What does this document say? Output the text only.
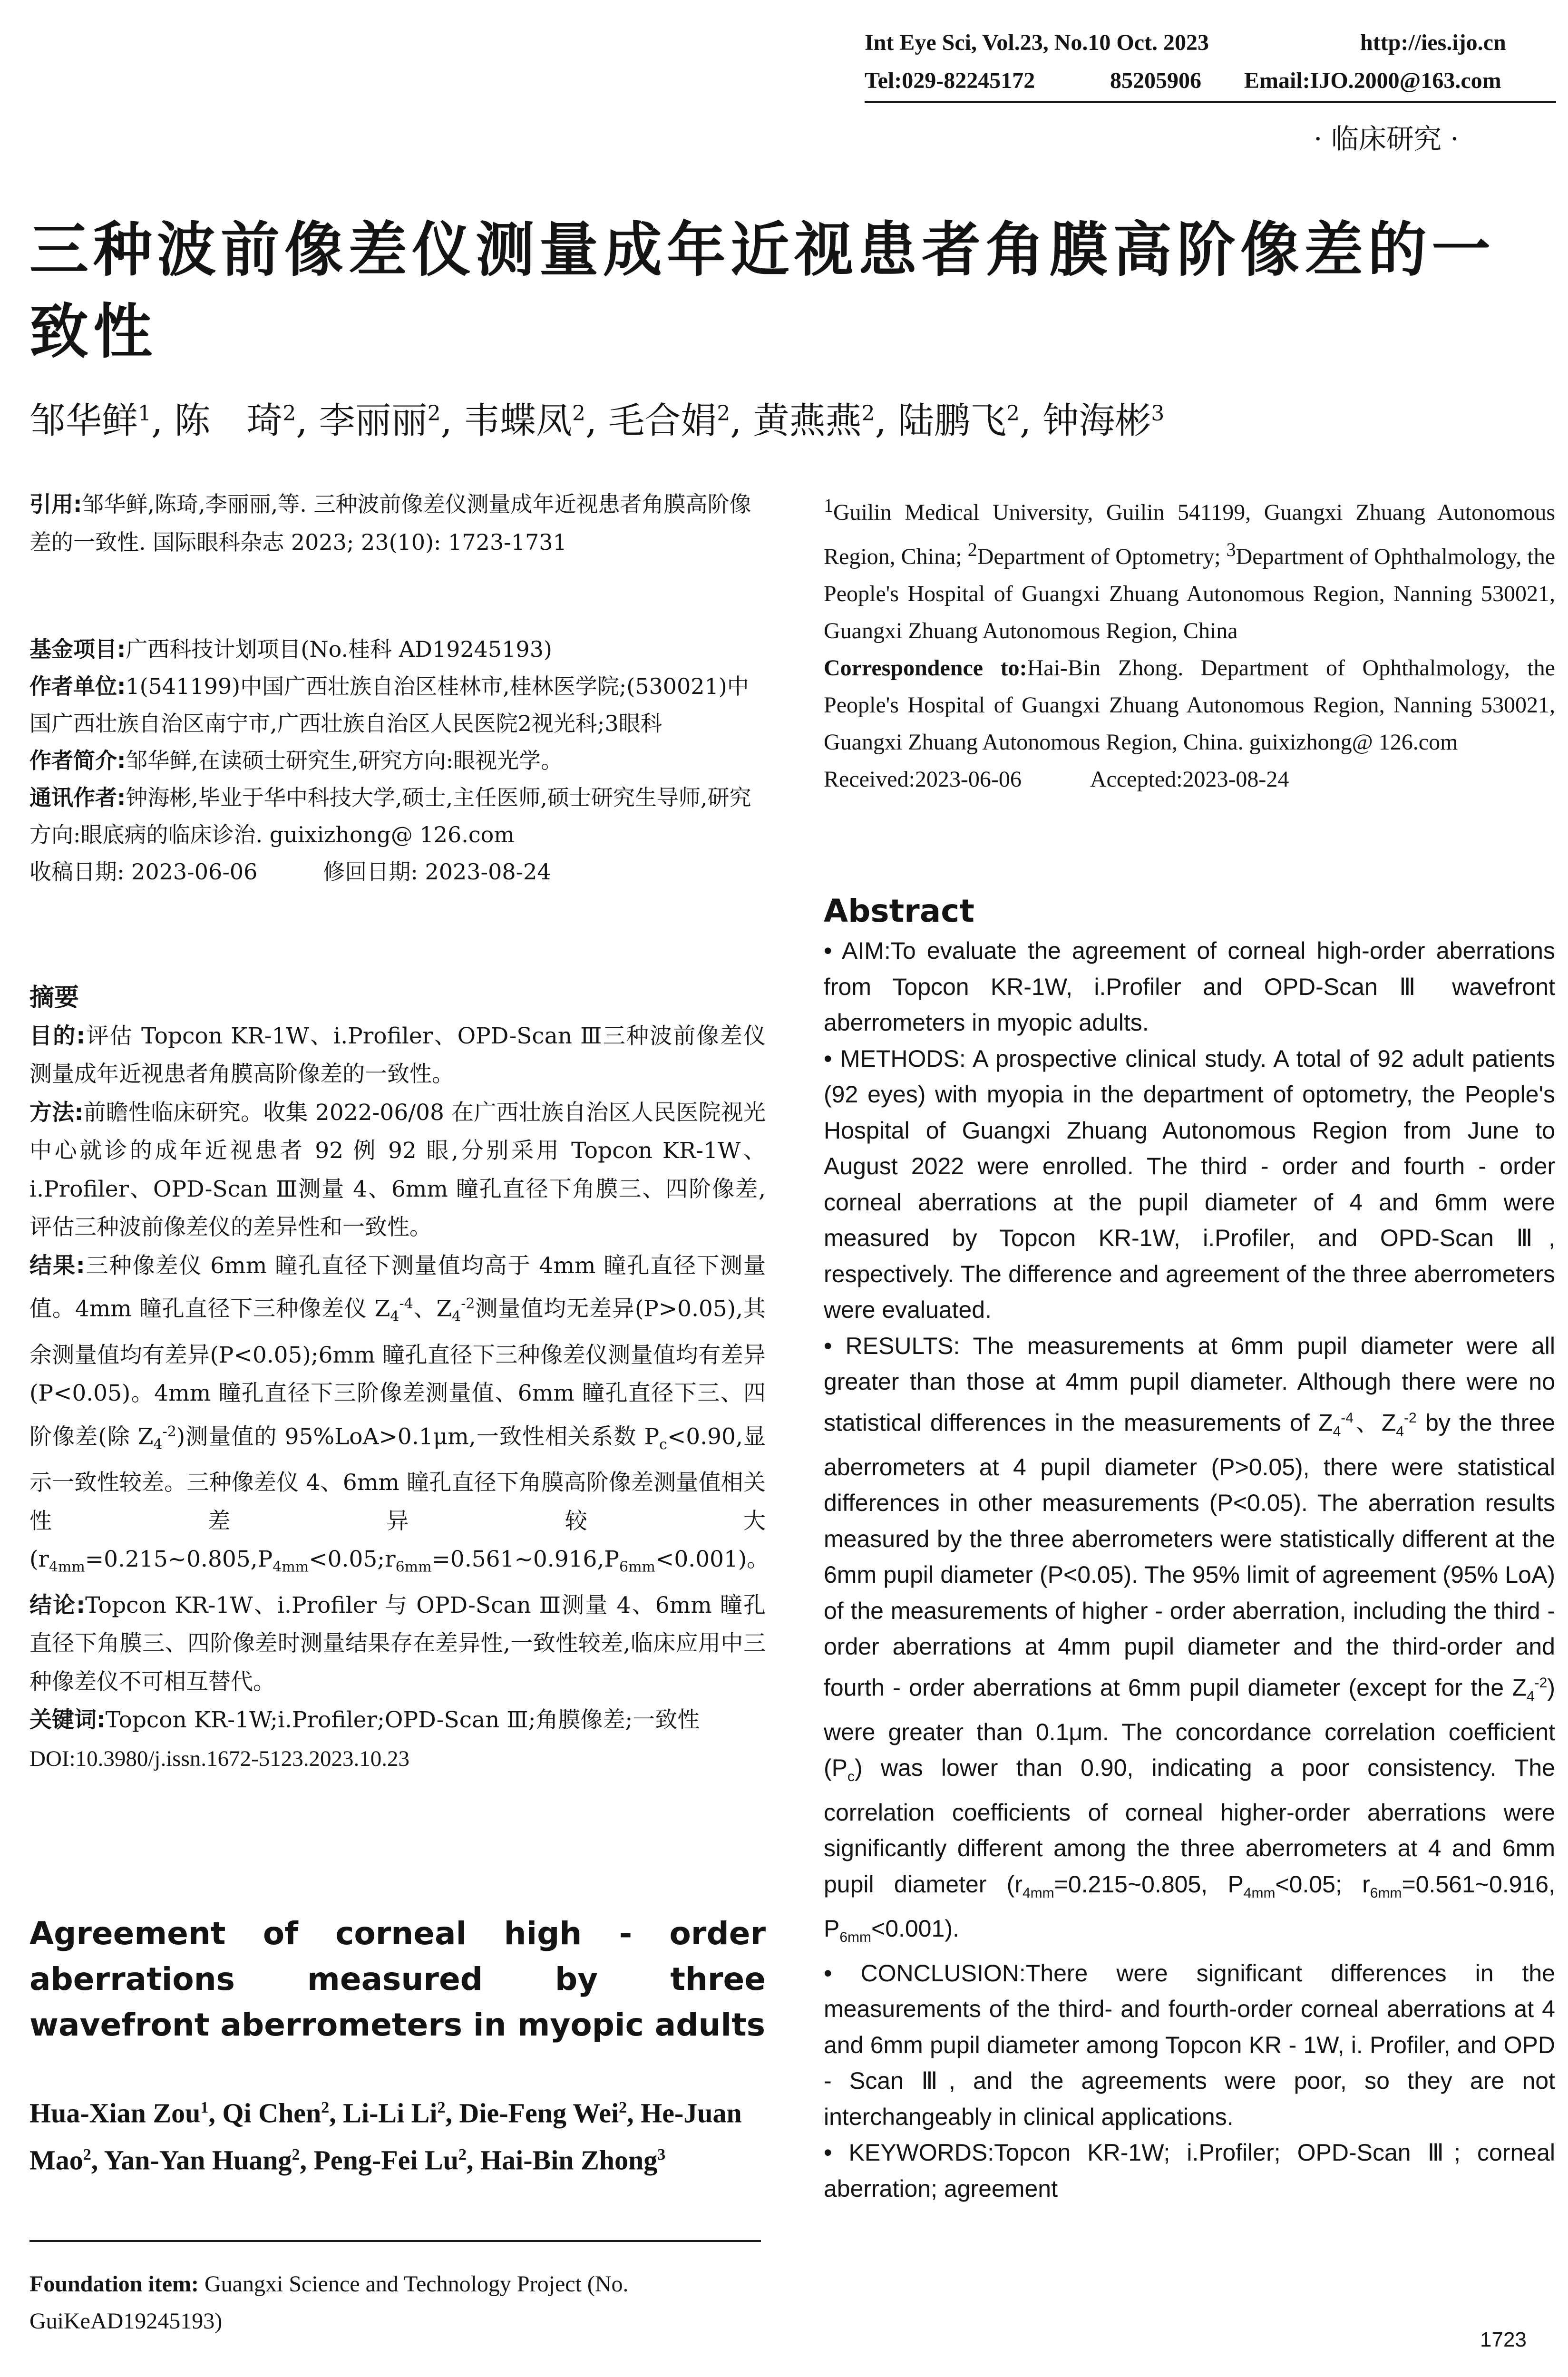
Int Eye Sci, Vol.23, No.10 Oct. 2023	http://ies.ijo.cn
Tel:029-82245172	85205906 Email:IJO.2000@163.com
· 临床研究 ·
三种波前像差仪测量成年近视患者角膜高阶像差的一致性
邹华鲜$^1$, 陈　琦$^2$, 李丽丽$^2$, 韦蝶凤$^2$, 毛合娟$^2$, 黄燕燕$^2$, 陆鹏飞$^2$, 钟海彬$^3$

引用:邹华鲜,陈琦,李丽丽,等. 三种波前像差仪测量成年近视患者角膜高阶像差的一致性. 国际眼科杂志 2023; 23(10): 1723-1731

基金项目:广西科技计划项目(No.桂科 AD19245193)

作者单位:1(541199)中国广西壮族自治区桂林市,桂林医学院;(530021)中国广西壮族自治区南宁市,广西壮族自治区人民医院2视光科;3眼科

作者简介:邹华鲜,在读硕士研究生,研究方向:眼视光学。

通讯作者:钟海彬,毕业于华中科技大学,硕士,主任医师,硕士研究生导师,研究方向:眼底病的临床诊治. guixizhong@ 126.com

收稿日期: 2023-06-06　　　	修回日期: 2023-08-24

摘要

目的:评估 Topcon KR-1W、i.Profiler、OPD-Scan Ⅲ三种波前像差仪测量成年近视患者角膜高阶像差的一致性。

方法:前瞻性临床研究。收集 2022-06/08 在广西壮族自治区人民医院视光中心就诊的成年近视患者 92 例 92 眼,分别采用 Topcon KR-1W、i.Profiler、OPD-Scan Ⅲ测量 4、6mm 瞳孔直径下角膜三、四阶像差,评估三种波前像差仪的差异性和一致性。

结果:三种像差仪 6mm 瞳孔直径下测量值均高于 4mm 瞳孔直径下测量值。4mm 瞳孔直径下三种像差仪 $Z_4^{-4}$、$Z_4^{-2}$测量值均无差异(P>0.05),其余测量值均有差异(P<0.05);6mm 瞳孔直径下三种像差仪测量值均有差异(P<0.05)。4mm 瞳孔直径下三阶像差测量值、6mm 瞳孔直径下三、四阶像差(除 $Z_4^{-2}$)测量值的 95%LoA>0.1μm,一致性相关系数 $P_c<0.90$,显示一致性较差。三种像差仪 4、6mm 瞳孔直径下角膜高阶像差测量值相关性差异较大$(r_{4mm}=0.215\sim 0.805,P_{4mm}<0.05;r_{6mm}=0.561\sim 0.916,P_{6mm}<0.001)$。

结论:Topcon KR-1W、i.Profiler 与 OPD-Scan Ⅲ测量 4、6mm 瞳孔直径下角膜三、四阶像差时测量结果存在差异性,一致性较差,临床应用中三种像差仪不可相互替代。

关键词:Topcon KR-1W;i.Profiler;OPD-Scan Ⅲ;角膜像差;一致性

DOI:10.3980/j.issn.1672-5123.2023.10.23

Agreement of corneal high - order aberrations measured by three wavefront aberrometers in myopic adults
Hua-Xian Zou$^1$, Qi Chen$^2$, Li-Li Li$^2$, Die-Feng Wei$^2$, He-Juan Mao$^2$, Yan-Yan Huang$^2$, Peng-Fei Lu$^2$, Hai-Bin Zhong$^3$
Foundation item: Guangxi Science and Technology Project (No. GuiKeAD19245193)

$^1$Guilin Medical University, Guilin 541199, Guangxi Zhuang Autonomous Region, China; $^2$Department of Optometry; $^3$Department of Ophthalmology, the People's Hospital of Guangxi Zhuang Autonomous Region, Nanning 530021, Guangxi Zhuang Autonomous Region, China

Correspondence to:Hai-Bin Zhong. Department of Ophthalmology, the People's Hospital of Guangxi Zhuang Autonomous Region, Nanning 530021, Guangxi Zhuang Autonomous Region, China. guixizhong@ 126.com

Received:2023-06-06　　　	Accepted:2023-08-24

Abstract

• AIM:To evaluate the agreement of corneal high-order aberrations from Topcon KR-1W, i.Profiler and OPD-Scan Ⅲ wavefront aberrometers in myopic adults.

• METHODS: A prospective clinical study. A total of 92 adult patients (92 eyes) with myopia in the department of optometry, the People's Hospital of Guangxi Zhuang Autonomous Region from June to August 2022 were enrolled. The third - order and fourth - order corneal aberrations at the pupil diameter of 4 and 6mm were measured by Topcon KR-1W, i.Profiler, and OPD-Scan Ⅲ, respectively. The difference and agreement of the three aberrometers were evaluated.

• RESULTS: The measurements at 6mm pupil diameter were all greater than those at 4mm pupil diameter. Although there were no statistical differences in the measurements of $Z_4^{-4}$、$Z_4^{-2}$ by the three aberrometers at 4 pupil diameter (P>0.05), there were statistical differences in other measurements (P<0.05). The aberration results measured by the three aberrometers were statistically different at the 6mm pupil diameter (P<0.05). The 95% limit of agreement (95% LoA) of the measurements of higher - order aberration, including the third - order aberrations at 4mm pupil diameter and the third-order and fourth - order aberrations at 6mm pupil diameter (except for the $Z_4^{-2}$) were greater than 0.1μm. The concordance correlation coefficient $(P_c)$ was lower than 0.90, indicating a poor consistency. The correlation coefficients of corneal higher-order aberrations were significantly different among the three aberrometers at 4 and 6mm pupil diameter ($r_{4mm}=0.215\sim 0.805$, $P_{4mm}<0.05$; $r_{6mm}=0.561\sim 0.916$, $P_{6mm}<0.001$).

• CONCLUSION:There were significant differences in the measurements of the third- and fourth-order corneal aberrations at 4 and 6mm pupil diameter among Topcon KR - 1W, i. Profiler, and OPD - Scan Ⅲ, and the agreements were poor, so they are not interchangeably in clinical applications.

• KEYWORDS:Topcon KR-1W; i.Profiler; OPD-Scan Ⅲ; corneal aberration; agreement

1723
